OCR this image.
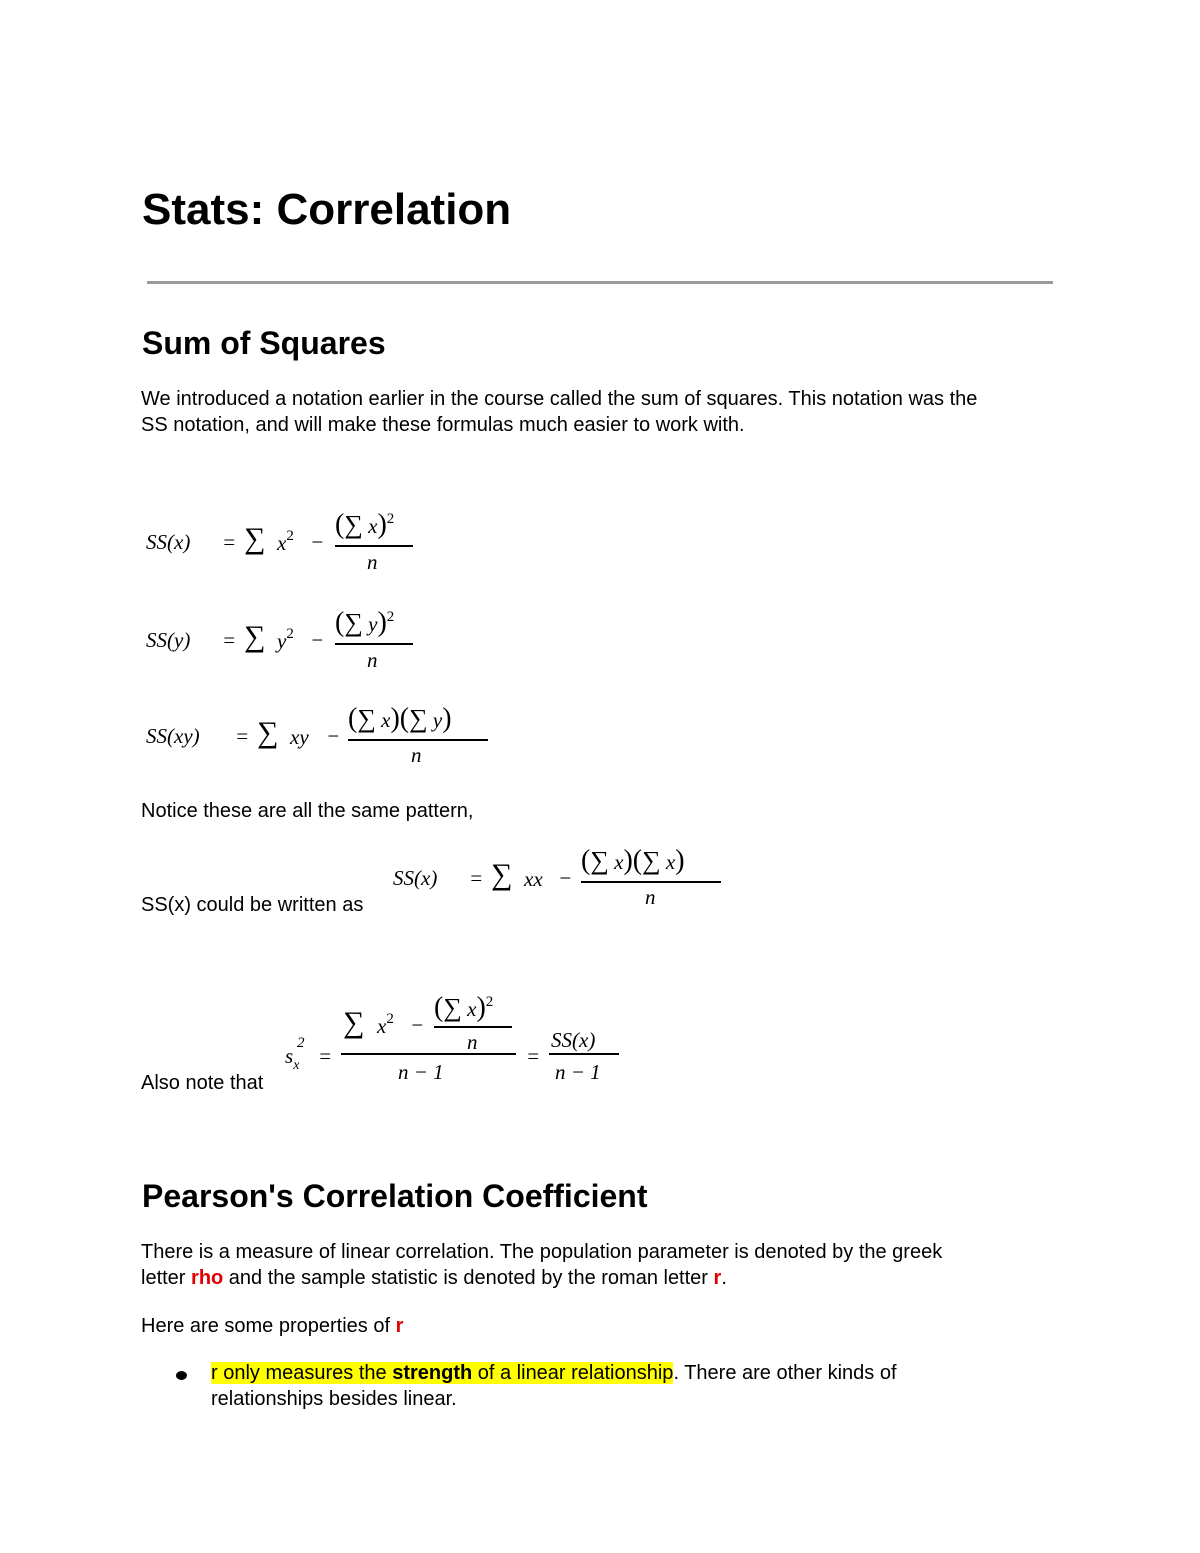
Stats: Correlation
Sum of Squares

We introduced a notation earlier in the course called the sum of squares. This notation was the

SS notation, and will make these formulas much easier to work with.

SS(x) = ∑ $x^2$ −
(∑ x)$^2$
n
SS(y) = ∑ $y^2$ −
(∑ y)$^2$
n
SS(xy) = ∑ xy −
(∑ x)(∑ y)
n

Notice these are all the same pattern,

SS(x) = ∑ xx −
(∑ x)(∑ x)
n

SS(x) could be written as

$s_x$
2
=
∑ $x^2$ −
(∑ x)$^2$
n
n − 1
=
SS(x)
n − 1

Also note that

Pearson's Correlation Coefficient

There is a measure of linear correlation. The population parameter is denoted by the greek

letter rho and the sample statistic is denoted by the roman letter r.

Here are some properties of r

r only measures the strength of a linear relationship. There are other kinds of

relationships besides linear.
